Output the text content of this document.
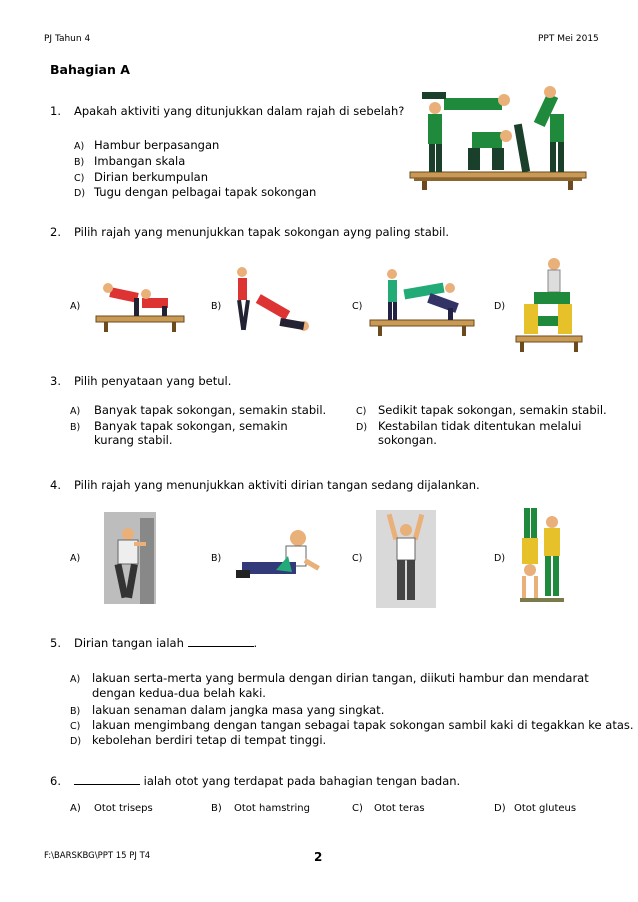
PJ Tahun 4	PPT Mei 2015
Bahagian A
1. Apakah aktiviti yang ditunjukkan dalam rajah di sebelah?
A) Hambur berpasangan
B) Imbangan skala
C) Dirian berkumpulan
D) Tugu dengan pelbagai tapak sokongan
2. Pilih rajah yang menunjukkan tapak sokongan ayng paling stabil.
A)	B)	C)	D)
3. Pilih penyataan yang betul.
A) Banyak tapak sokongan, semakin stabil.
B) Banyak tapak sokongan, semakin
kurang stabil.
C) Sedikit tapak sokongan, semakin stabil.
D) Kestabilan tidak ditentukan melalui
sokongan.
4. Pilih rajah yang menunjukkan aktiviti dirian tangan sedang dijalankan.
A)	B)	C)	D)
5. Dirian tangan ialah	.
A) lakuan serta-merta yang bermula dengan dirian tangan, diikuti hambur dan mendarat
dengan kedua-dua belah kaki.
B) lakuan senaman dalam jangka masa yang singkat.
C) lakuan mengimbang dengan tangan sebagai tapak sokongan sambil kaki di tegakkan ke atas.
D) kebolehan berdiri tetap di tempat tinggi.
6.	ialah otot yang terdapat pada bahagian tengan badan.
A) Otot triseps	B) Otot hamstring	C) Otot teras	D) Otot gluteus
F:\BARSKBG\PPT 15 PJ T4	2
